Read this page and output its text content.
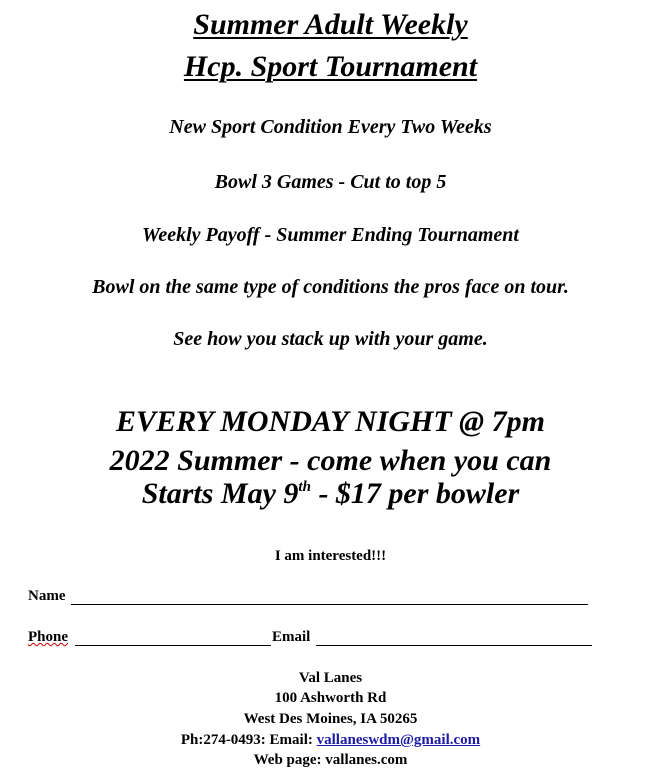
Summer Adult Weekly
Hcp. Sport Tournament
New Sport Condition Every Two Weeks
Bowl 3 Games - Cut to top 5
Weekly Payoff - Summer Ending Tournament
Bowl on the same type of conditions the pros face on tour.
See how you stack up with your game.
EVERY MONDAY NIGHT @ 7pm
2022 Summer - come when you can
Starts May 9th - $17 per bowler
I am interested!!!
Name
Phone	Email
Val Lanes
100 Ashworth Rd
West Des Moines, IA 50265
Ph:274-0493: Email: vallaneswdm@gmail.com
Web page: vallanes.com
